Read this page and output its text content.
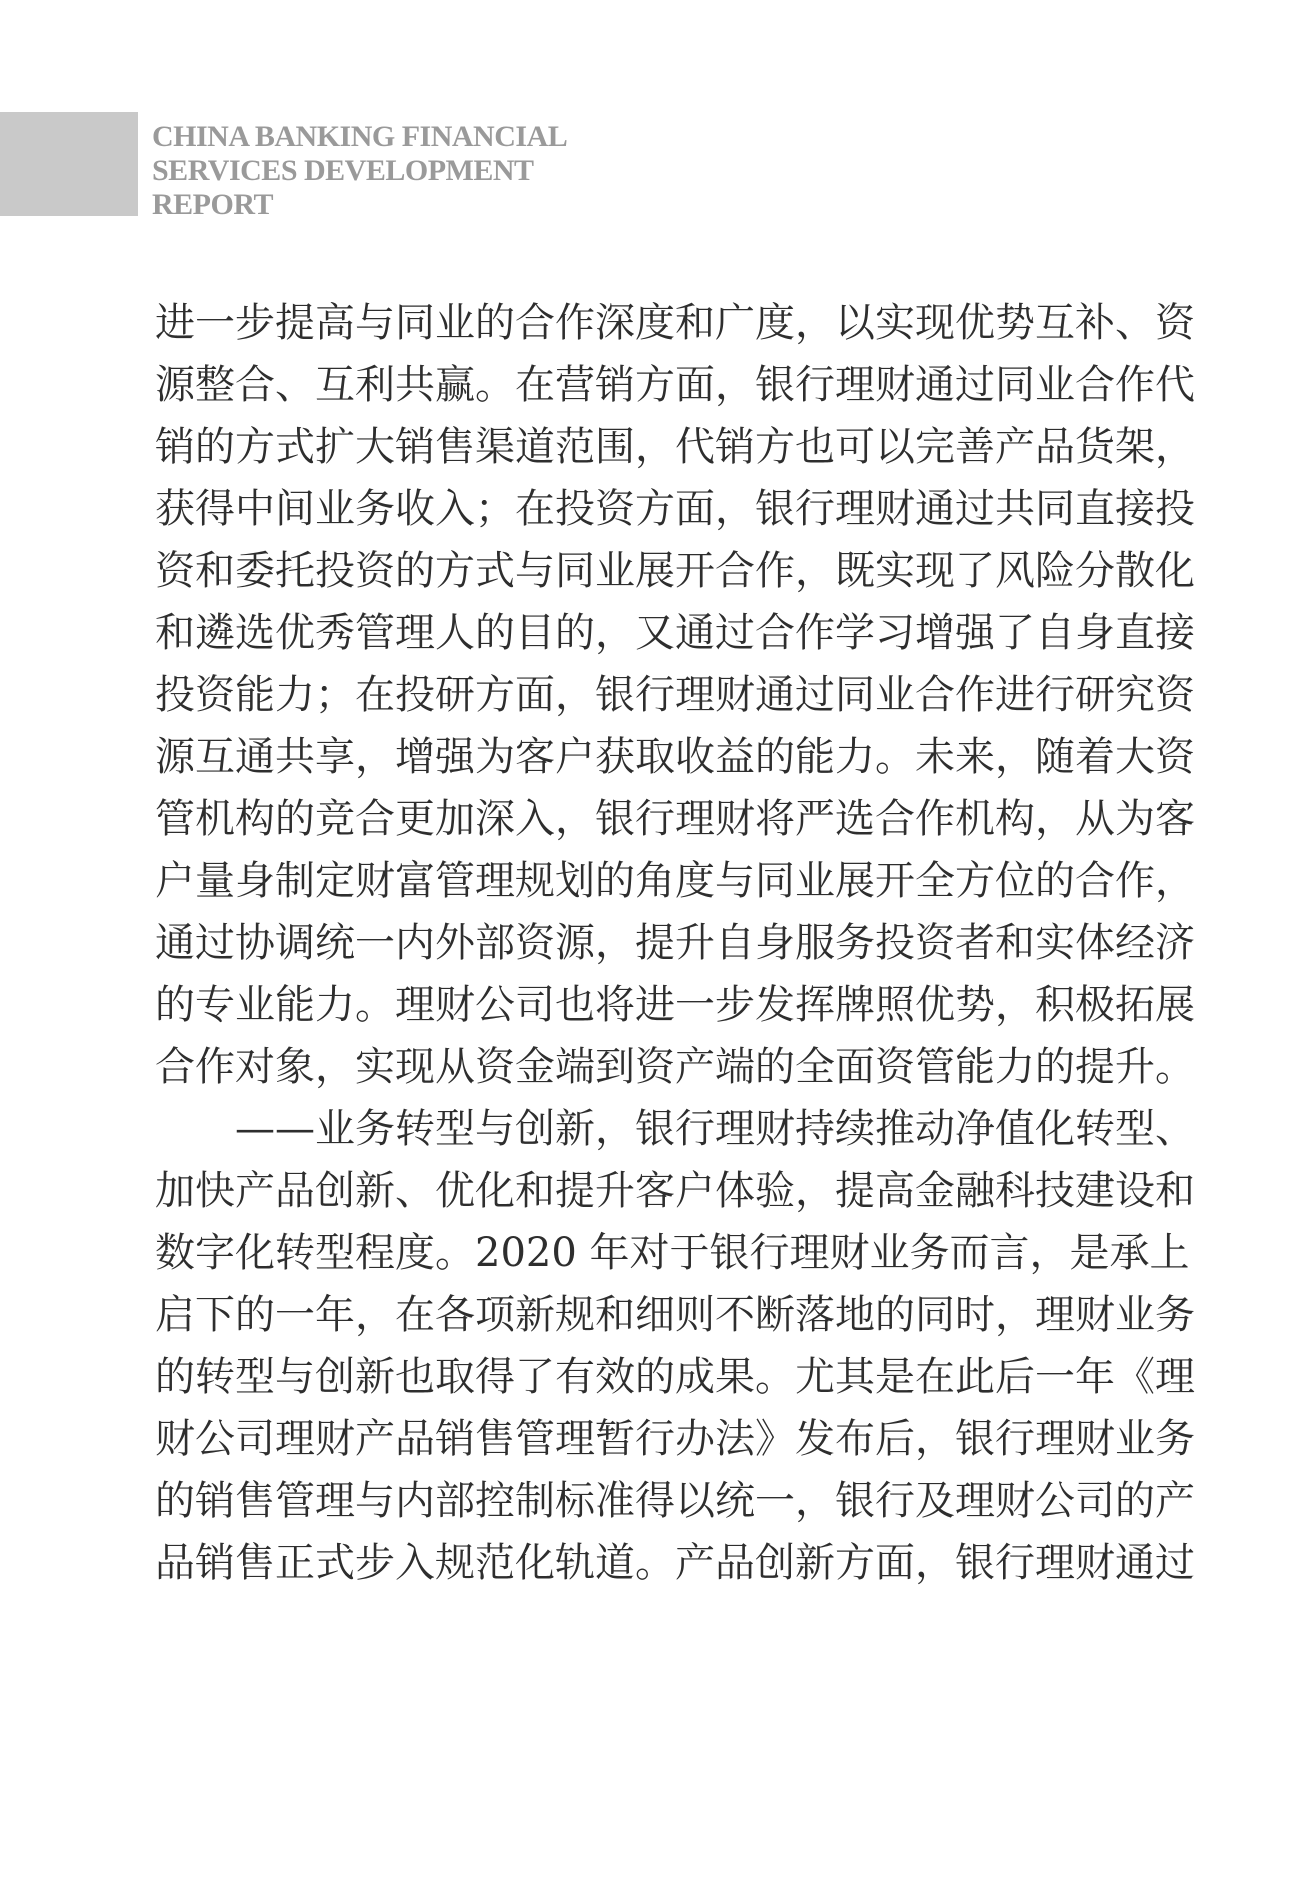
CHINA BANKING FINANCIAL
SERVICES DEVELOPMENT
REPORT
进一步提高与同业的合作深度和广度，以实现优势互补、资
源整合、互利共赢。在营销方面，银行理财通过同业合作代
销的方式扩大销售渠道范围，代销方也可以完善产品货架，
获得中间业务收入；在投资方面，银行理财通过共同直接投
资和委托投资的方式与同业展开合作，既实现了风险分散化
和遴选优秀管理人的目的，又通过合作学习增强了自身直接
投资能力；在投研方面，银行理财通过同业合作进行研究资
源互通共享，增强为客户获取收益的能力。未来，随着大资
管机构的竞合更加深入，银行理财将严选合作机构，从为客
户量身制定财富管理规划的角度与同业展开全方位的合作，
通过协调统一内外部资源，提升自身服务投资者和实体经济
的专业能力。理财公司也将进一步发挥牌照优势，积极拓展
合作对象，实现从资金端到资产端的全面资管能力的提升。
——业务转型与创新，银行理财持续推动净值化转型、
加快产品创新、优化和提升客户体验，提高金融科技建设和
数字化转型程度。2020 年对于银行理财业务而言，是承上
启下的一年，在各项新规和细则不断落地的同时，理财业务
的转型与创新也取得了有效的成果。尤其是在此后一年《理
财公司理财产品销售管理暂行办法》发布后，银行理财业务
的销售管理与内部控制标准得以统一，银行及理财公司的产
品销售正式步入规范化轨道。产品创新方面，银行理财通过
